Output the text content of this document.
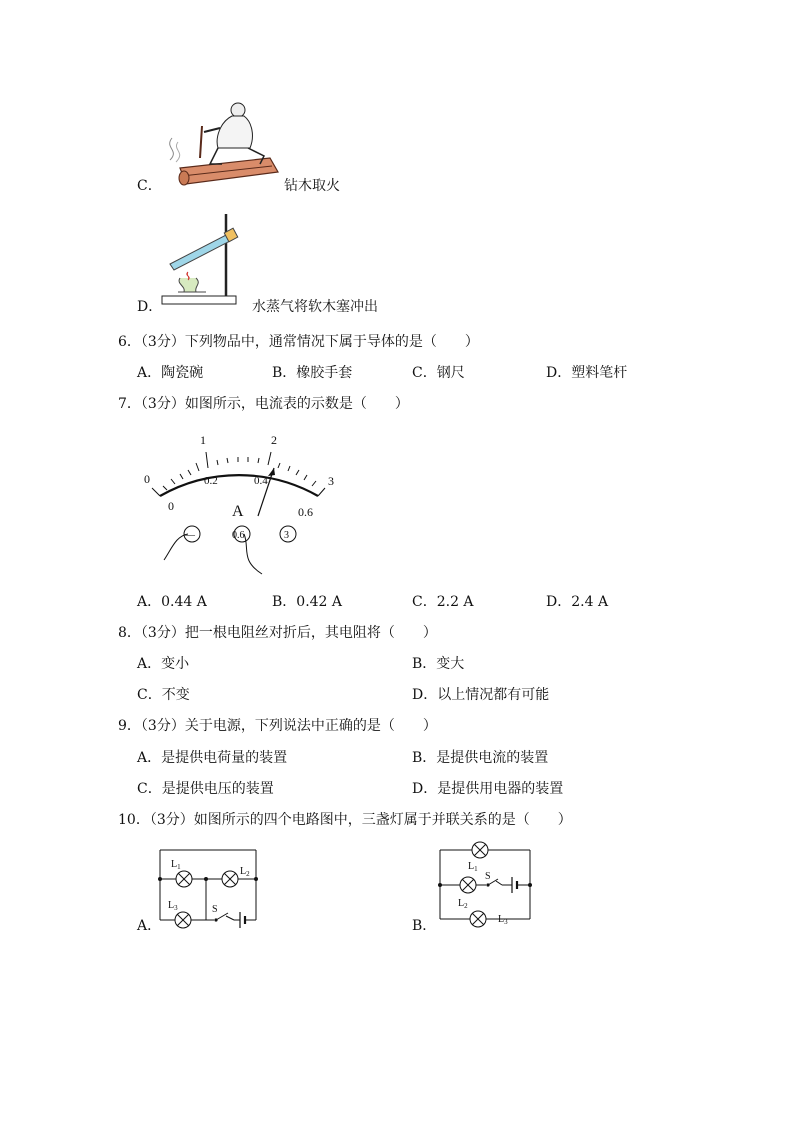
C．	钻木取火
D．	水蒸气将软木塞冲出
6．（3分）下列物品中，通常情况下属于导体的是（　　）
A．陶瓷碗	B．橡胶手套	C．钢尺	D．塑料笔杆
7．（3分）如图所示，电流表的示数是（　　）
0
1	2
3
0
0.2	0.4
0.6
A
—	0.6	3
A．0.44 A	B．0.42 A	C．2.2 A	D．2.4 A
8．（3分）把一根电阻丝对折后，其电阻将（　　）
A．变小	B．变大
C．不变	D．以上情况都有可能
9．（3分）关于电源，下列说法中正确的是（　　）
A．是提供电荷量的装置	B．是提供电流的装置
C．是提供电压的装置	D．是提供用电器的装置
10．（3分）如图所示的四个电路图中，三盏灯属于并联关系的是（　　）
A．
$L_1$	$L_2$
$L_3$	S
B．
$L_1$
$L_2$
$L_3$
S
